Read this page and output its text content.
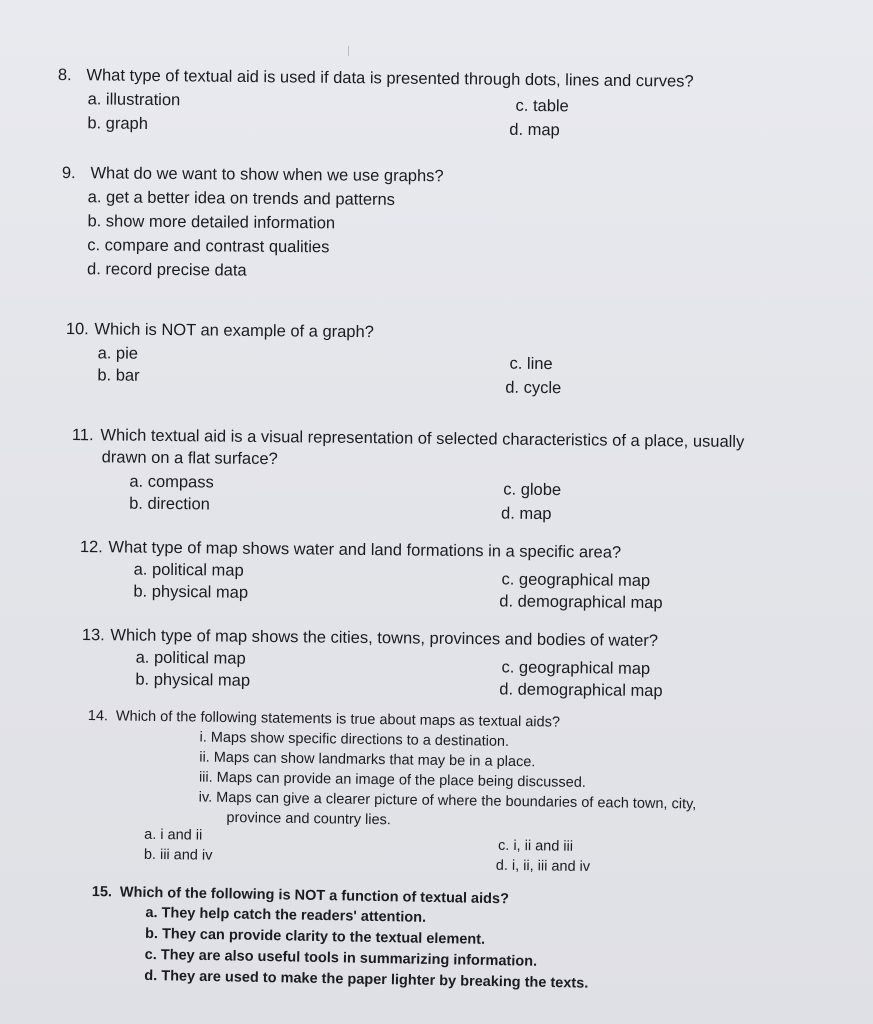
8. What type of textual aid is used if data is presented through dots, lines and curves?
a. illustration
b. graph
c. table
d. map
9. What do we want to show when we use graphs?
a. get a better idea on trends and patterns
b. show more detailed information
c. compare and contrast qualities
d. record precise data
10. Which is NOT an example of a graph?
a. pie
b. bar
c. line
d. cycle
11. Which textual aid is a visual representation of selected characteristics of a place, usually
drawn on a flat surface?
a. compass
b. direction
c. globe
d. map
12. What type of map shows water and land formations in a specific area?
a. political map
b. physical map
c. geographical map
d. demographical map
13. Which type of map shows the cities, towns, provinces and bodies of water?
a. political map
b. physical map
c. geographical map
d. demographical map
14. Which of the following statements is true about maps as textual aids?
i. Maps show specific directions to a destination.
ii. Maps can show landmarks that may be in a place.
iii. Maps can provide an image of the place being discussed.
iv. Maps can give a clearer picture of where the boundaries of each town, city,
province and country lies.
a. i and ii
b. iii and iv
c. i, ii and iii
d. i, ii, iii and iv
15. Which of the following is NOT a function of textual aids?
a. They help catch the readers' attention.
b. They can provide clarity to the textual element.
c. They are also useful tools in summarizing information.
d. They are used to make the paper lighter by breaking the texts.
